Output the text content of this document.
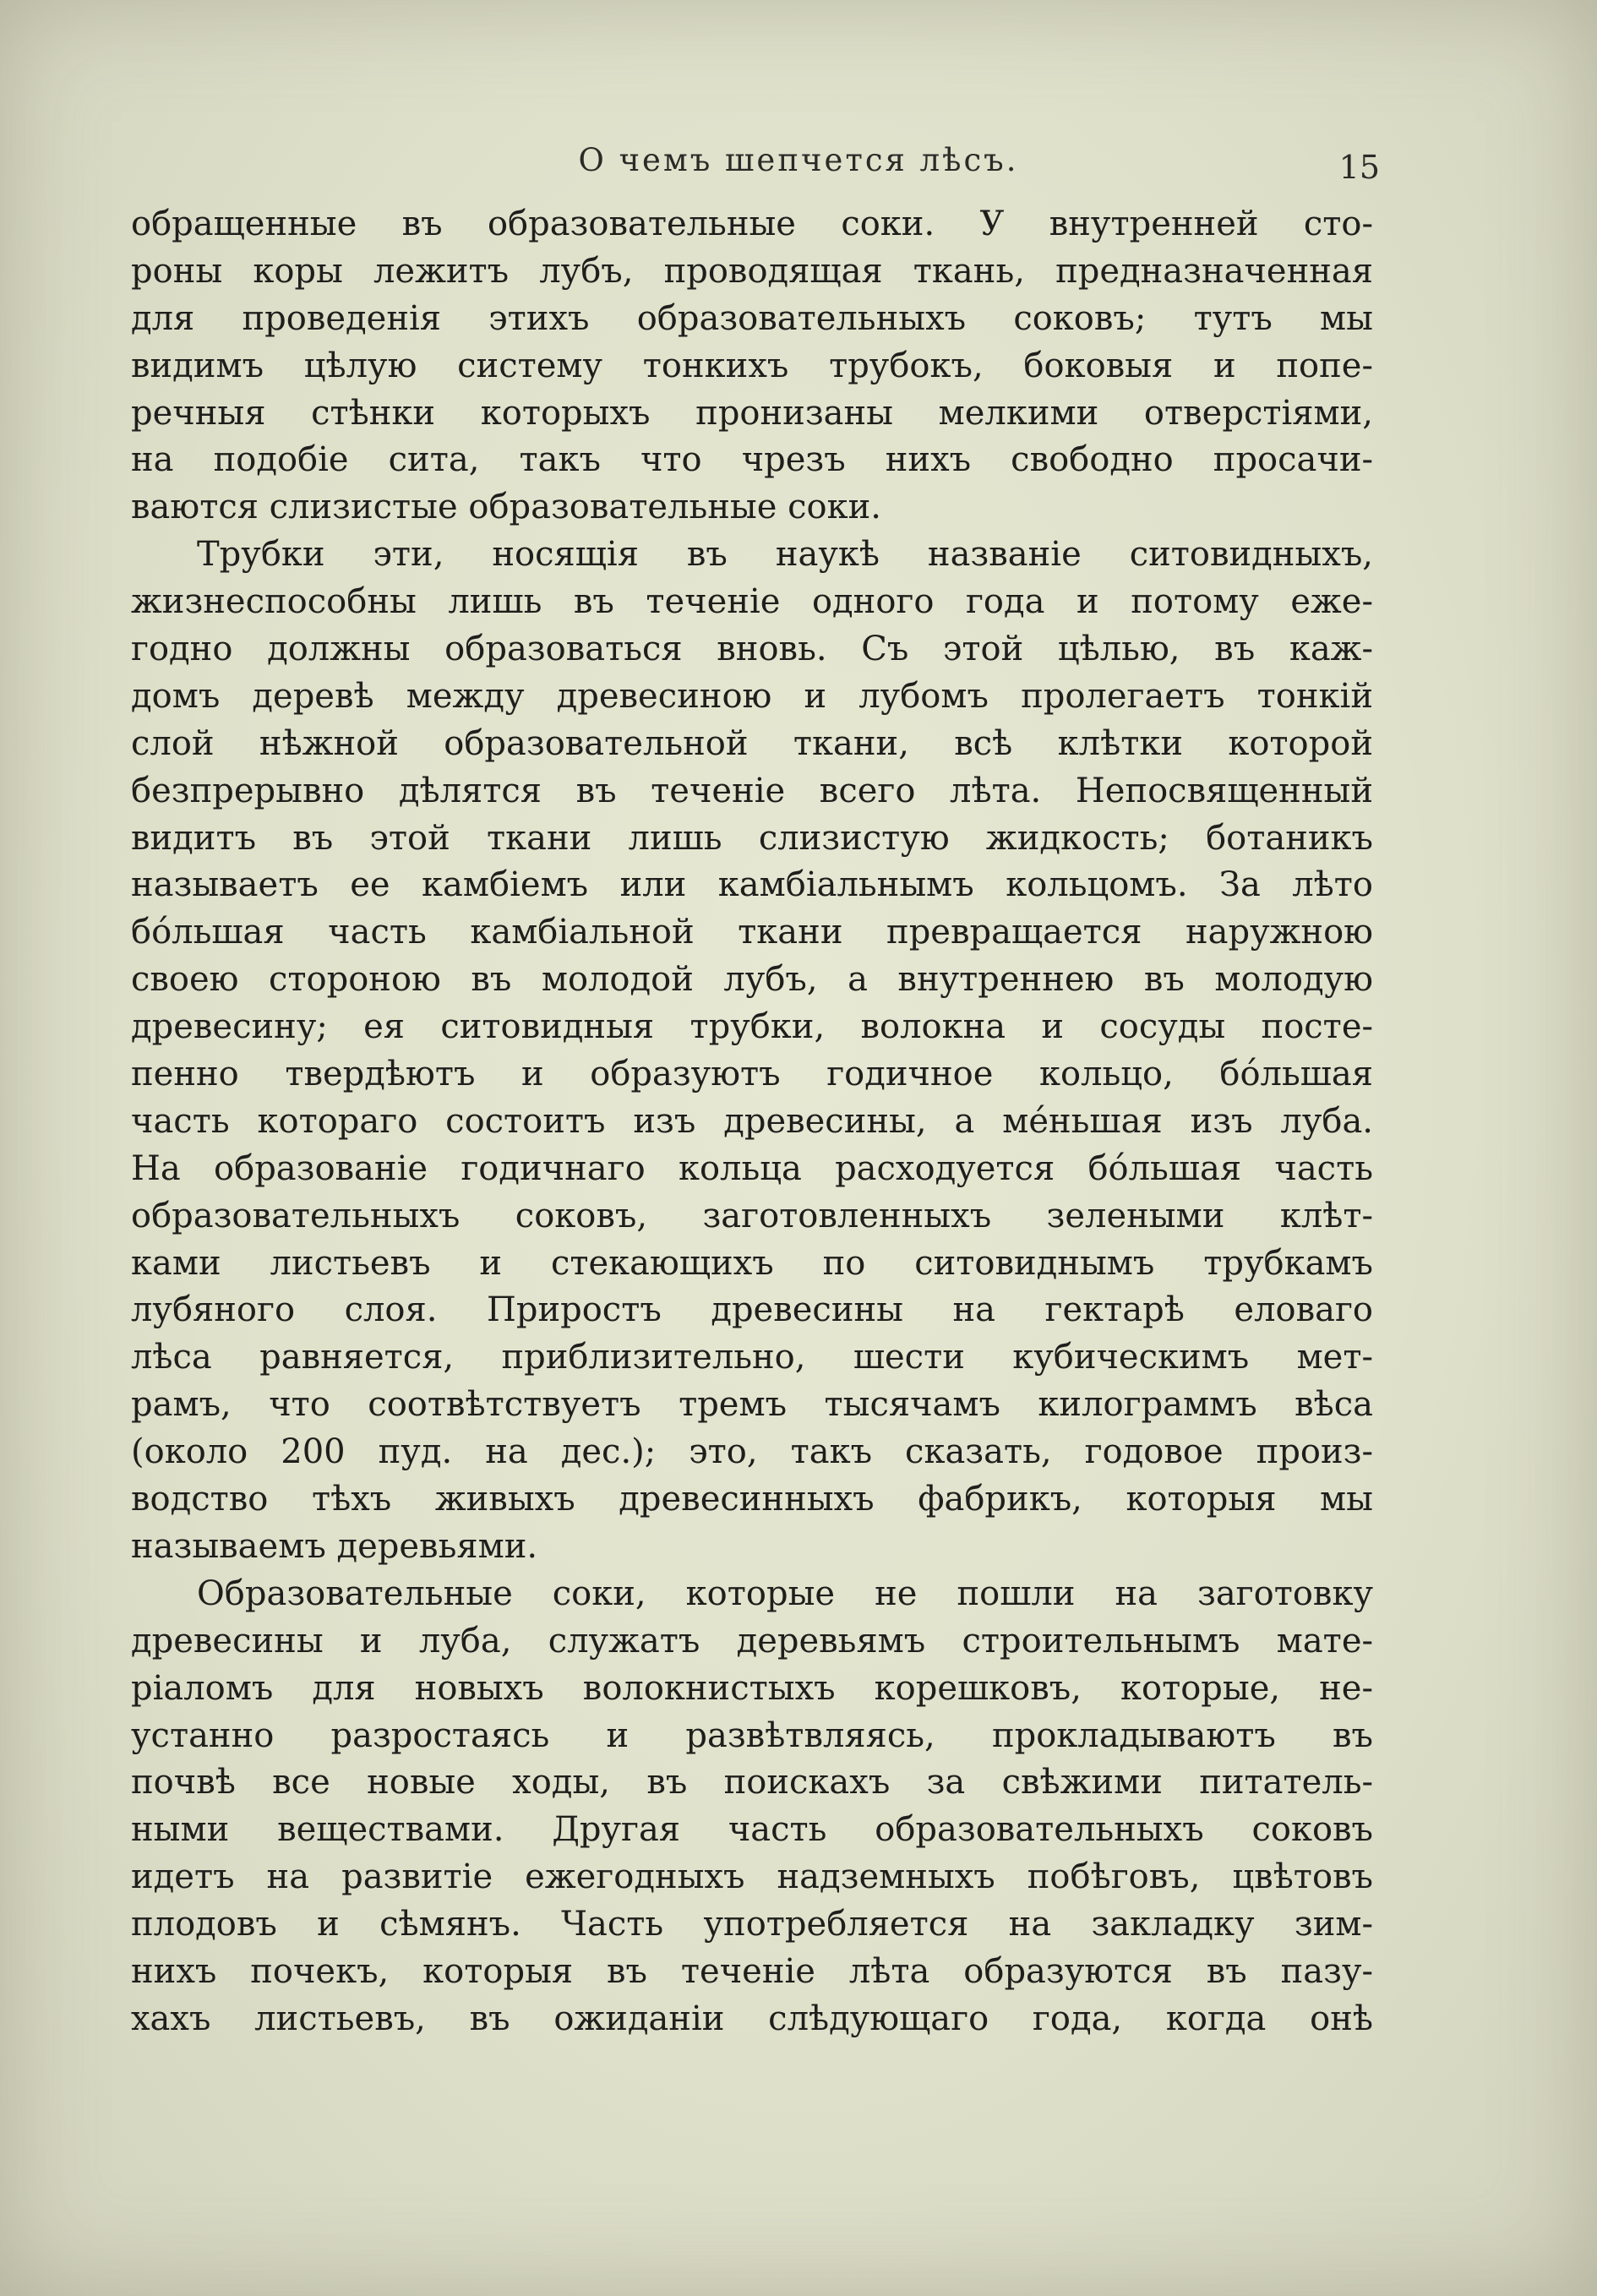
О чемъ шепчется лѣсъ.	15
обращенные въ образовательные соки. У внутренней сто-
роны коры лежитъ лубъ, проводящая ткань, предназначенная
для проведенія этихъ образовательныхъ соковъ; тутъ мы
видимъ цѣлую систему тонкихъ трубокъ, боковыя и попе-
речныя стѣнки которыхъ пронизаны мелкими отверстіями,
на подобіе сита, такъ что чрезъ нихъ свободно просачи-
ваются слизистые образовательные соки.
Трубки эти, носящія въ наукѣ названіе ситовидныхъ,
жизнеспособны лишь въ теченіе одного года и потому еже-
годно должны образоваться вновь. Съ этой цѣлью, въ каж-
домъ деревѣ между древесиною и лубомъ пролегаетъ тонкій
слой нѣжной образовательной ткани, всѣ клѣтки которой
безпрерывно дѣлятся въ теченіе всего лѣта. Непосвященный
видитъ въ этой ткани лишь слизистую жидкость; ботаникъ
называетъ ее камбіемъ или камбіальнымъ кольцомъ. За лѣто
бо́льшая часть камбіальной ткани превращается наружною
своею стороною въ молодой лубъ, а внутреннею въ молодую
древесину; ея ситовидныя трубки, волокна и сосуды посте-
пенно твердѣютъ и образуютъ годичное кольцо, бо́льшая
часть котораго состоитъ изъ древесины, а ме́ньшая изъ луба.
На образованіе годичнаго кольца расходуется бо́льшая часть
образовательныхъ соковъ, заготовленныхъ зелеными клѣт-
ками листьевъ и стекающихъ по ситовиднымъ трубкамъ
лубяного слоя. Приростъ древесины на гектарѣ еловаго
лѣса равняется, приблизительно, шести кубическимъ мет-
рамъ, что соотвѣтствуетъ тремъ тысячамъ килограммъ вѣса
(около 200 пуд. на дес.); это, такъ сказать, годовое произ-
водство тѣхъ живыхъ древесинныхъ фабрикъ, которыя мы
называемъ деревьями.
Образовательные соки, которые не пошли на заготовку
древесины и луба, служатъ деревьямъ строительнымъ мате-
ріаломъ для новыхъ волокнистыхъ корешковъ, которые, не-
устанно разростаясь и развѣтвляясь, прокладываютъ въ
почвѣ все новые ходы, въ поискахъ за свѣжими питатель-
ными веществами. Другая часть образовательныхъ соковъ
идетъ на развитіе ежегодныхъ надземныхъ побѣговъ, цвѣтовъ
плодовъ и сѣмянъ. Часть употребляется на закладку зим-
нихъ почекъ, которыя въ теченіе лѣта образуются въ пазу-
хахъ листьевъ, въ ожиданіи слѣдующаго года, когда онѣ
